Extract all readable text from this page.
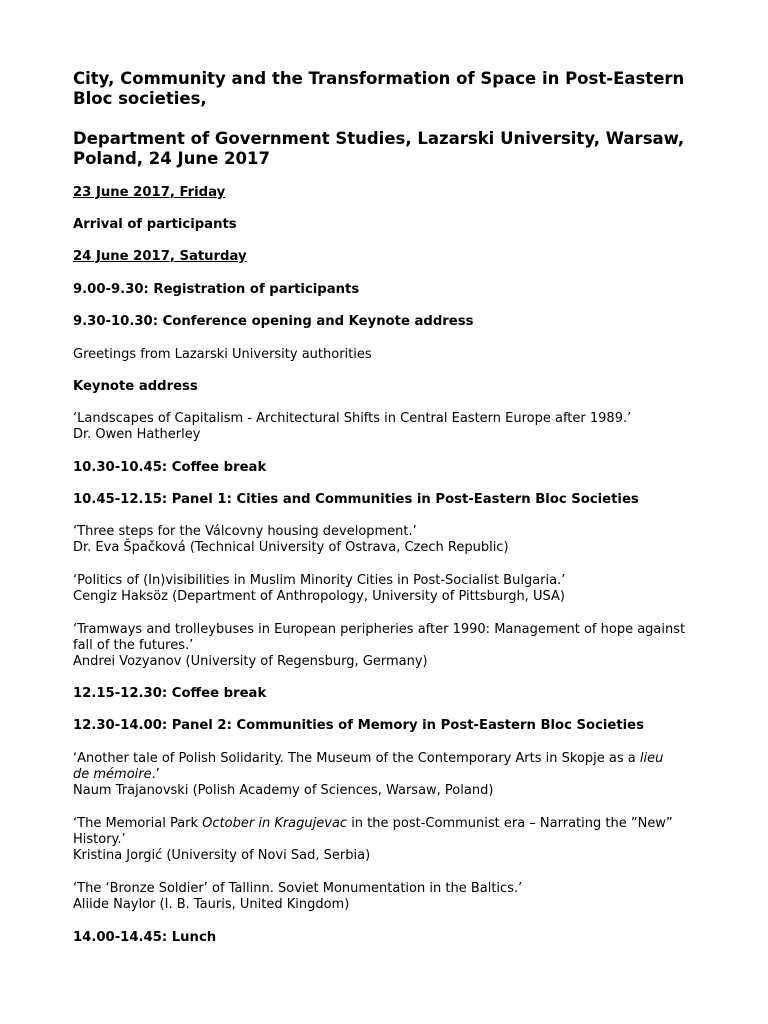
City, Community and the Transformation of Space in Post-Eastern Bloc societies,
Department of Government Studies, Lazarski University, Warsaw, Poland, 24 June 2017
23 June 2017, Friday
Arrival of participants
24 June 2017, Saturday
9.00-9.30: Registration of participants
9.30-10.30: Conference opening and Keynote address
Greetings from Lazarski University authorities
Keynote address
‘Landscapes of Capitalism - Architectural Shifts in Central Eastern Europe after 1989.’
Dr. Owen Hatherley
10.30-10.45: Coffee break
10.45-12.15: Panel 1: Cities and Communities in Post-Eastern Bloc Societies
‘Three steps for the Válcovny housing development.’
Dr. Eva Špačková (Technical University of Ostrava, Czech Republic)
‘Politics of (In)visibilities in Muslim Minority Cities in Post-Socialist Bulgaria.’
Cengiz Haksöz (Department of Anthropology, University of Pittsburgh, USA)
‘Tramways and trolleybuses in European peripheries after 1990: Management of hope against fall of the futures.’
Andrei Vozyanov (University of Regensburg, Germany)
12.15-12.30: Coffee break
12.30-14.00: Panel 2: Communities of Memory in Post-Eastern Bloc Societies
‘Another tale of Polish Solidarity. The Museum of the Contemporary Arts in Skopje as a lieu de mémoire.’
Naum Trajanovski (Polish Academy of Sciences, Warsaw, Poland)
‘The Memorial Park October in Kragujevac in the post-Communist era – Narrating the ”New” History.’
Kristina Jorgić (University of Novi Sad, Serbia)
‘The ‘Bronze Soldier’ of Tallinn. Soviet Monumentation in the Baltics.’
Aliide Naylor (I. B. Tauris, United Kingdom)
14.00-14.45: Lunch
